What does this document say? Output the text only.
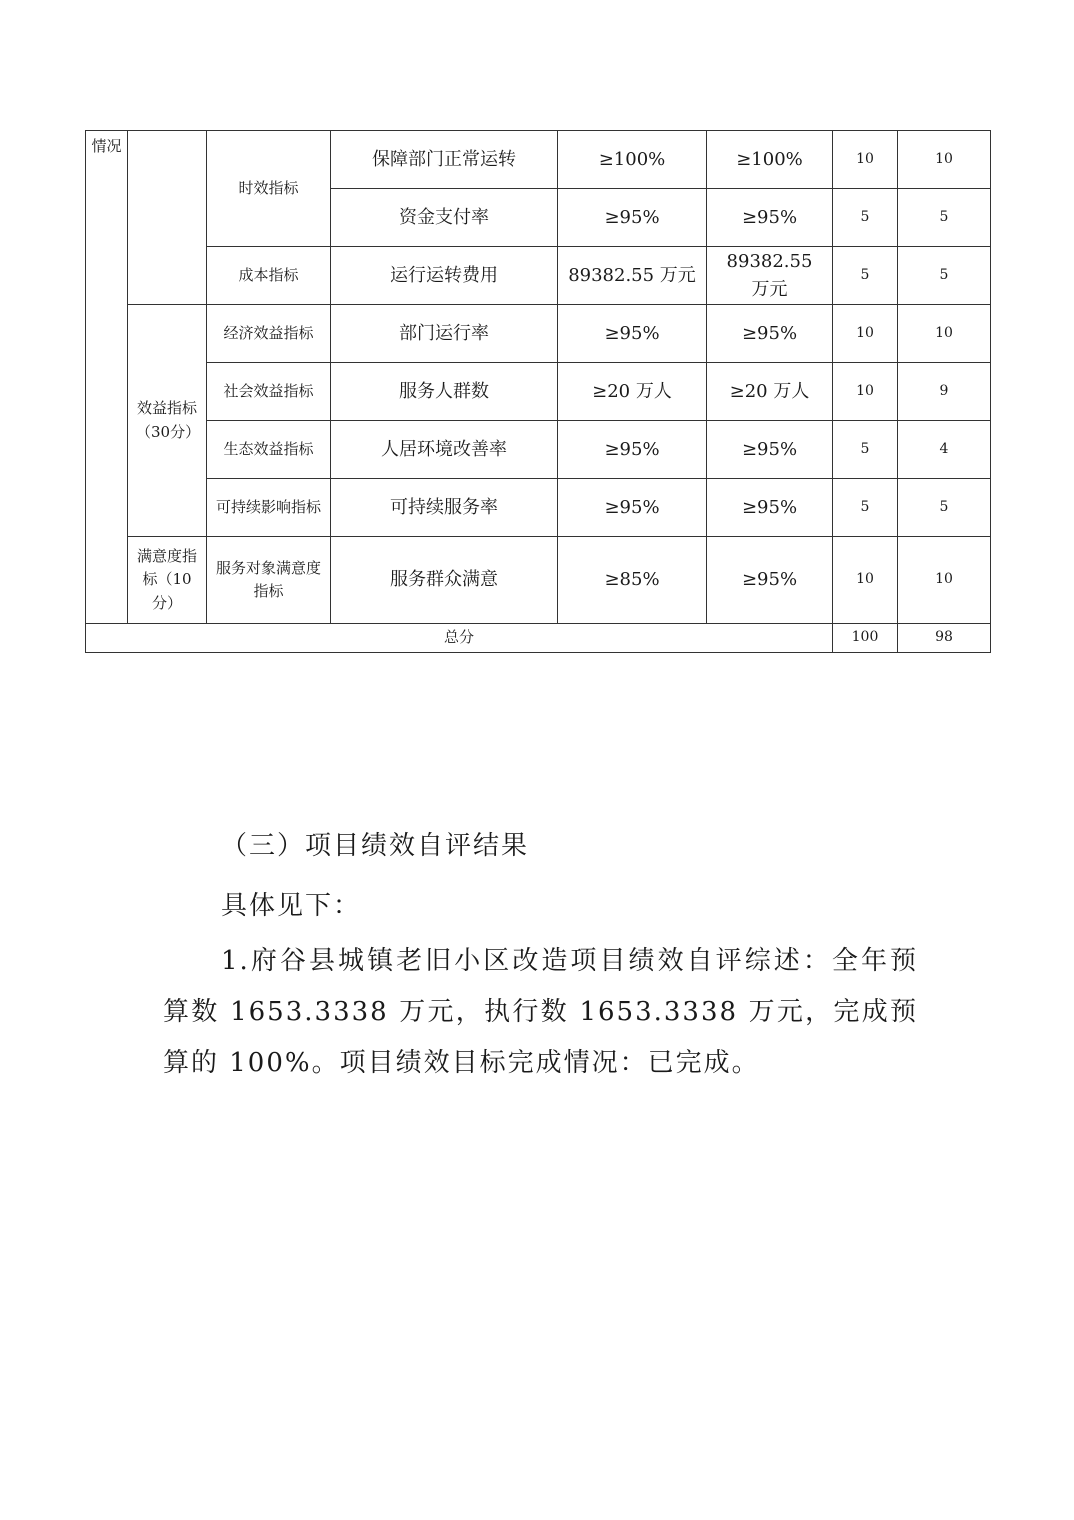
情况		时效指标	保障部门正常运转	≥100%	≥100%	10	10
			资金支付率	≥95%	≥95%	5	5
		成本指标	运行运转费用	89382.55 万元	89382.55 万元	5	5
	效益指标（30分）	经济效益指标	部门运行率	≥95%	≥95%	10	10
		社会效益指标	服务人群数	≥20 万人	≥20 万人	10	9
		生态效益指标	人居环境改善率	≥95%	≥95%	5	4
		可持续影响指标	可持续服务率	≥95%	≥95%	5	5
	满意度指标（10分）	服务对象满意度指标	服务群众满意	≥85%	≥95%	10	10
总分						100	98
（三）项目绩效自评结果
具体见下：
1.府谷县城镇老旧小区改造项目绩效自评综述：全年预算数 1653.3338 万元，执行数 1653.3338 万元，完成预算的 100%。项目绩效目标完成情况：已完成。
